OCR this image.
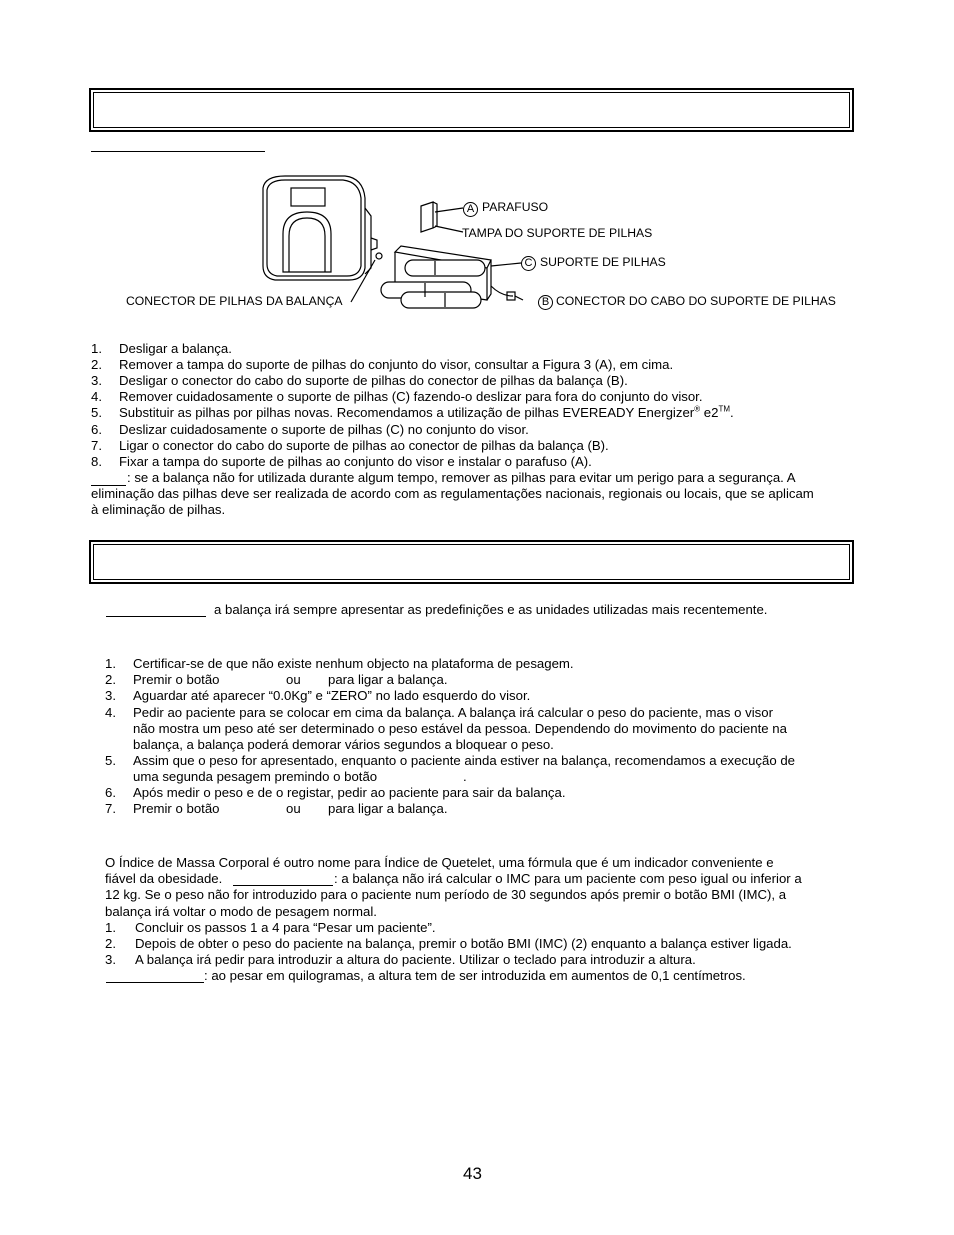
A PARAFUSO
TAMPA DO SUPORTE DE PILHAS
C SUPORTE DE PILHAS
CONECTOR DE PILHAS DA BALANÇA	B CONECTOR DO CABO DO SUPORTE DE PILHAS
1.	Desligar a balança.
2.	Remover a tampa do suporte de pilhas do conjunto do visor, consultar a Figura 3 (A), em cima.
3.	Desligar o conector do cabo do suporte de pilhas do conector de pilhas da balança (B).
4.	Remover cuidadosamente o suporte de pilhas (C) fazendo-o deslizar para fora do conjunto do visor.
5.	Substituir as pilhas por pilhas novas. Recomendamos a utilização de pilhas EVEREADY Energizer® e2™.
6.	Deslizar cuidadosamente o suporte de pilhas (C) no conjunto do visor.
7.	Ligar o conector do cabo do suporte de pilhas ao conector de pilhas da balança (B).
8.	Fixar a tampa do suporte de pilhas ao conjunto do visor e instalar o parafuso (A).
: se a balança não for utilizada durante algum tempo, remover as pilhas para evitar um perigo para a segurança. A
eliminação das pilhas deve ser realizada de acordo com as regulamentações nacionais, regionais ou locais, que se aplicam
à eliminação de pilhas.
a balança irá sempre apresentar as predefinições e as unidades utilizadas mais recentemente.
1.	Certificar-se de que não existe nenhum objecto na plataforma de pesagem.
2.	Premir o botão	ou para ligar a balança.
3.	Aguardar até aparecer “0.0Kg” e “ZERO” no lado esquerdo do visor.
4.	Pedir ao paciente para se colocar em cima da balança. A balança irá calcular o peso do paciente, mas o visor
não mostra um peso até ser determinado o peso estável da pessoa. Dependendo do movimento do paciente na
balança, a balança poderá demorar vários segundos a bloquear o peso.
5.	Assim que o peso for apresentado, enquanto o paciente ainda estiver na balança, recomendamos a execução de
uma segunda pesagem premindo o botão	.
6.	Após medir o peso e de o registar, pedir ao paciente para sair da balança.
7.	Premir o botão	ou para ligar a balança.
O Índice de Massa Corporal é outro nome para Índice de Quetelet, uma fórmula que é um indicador conveniente e
fiável da obesidade.	: a balança não irá calcular o IMC para um paciente com peso igual ou inferior a
12 kg. Se o peso não for introduzido para o paciente num período de 30 segundos após premir o botão BMI (IMC), a
balança irá voltar o modo de pesagem normal.
1.	Concluir os passos 1 a 4 para “Pesar um paciente”.
2.	Depois de obter o peso do paciente na balança, premir o botão BMI (IMC) (2) enquanto a balança estiver ligada.
3.	A balança irá pedir para introduzir a altura do paciente. Utilizar o teclado para introduzir a altura.
: ao pesar em quilogramas, a altura tem de ser introduzida em aumentos de 0,1 centímetros.
43
